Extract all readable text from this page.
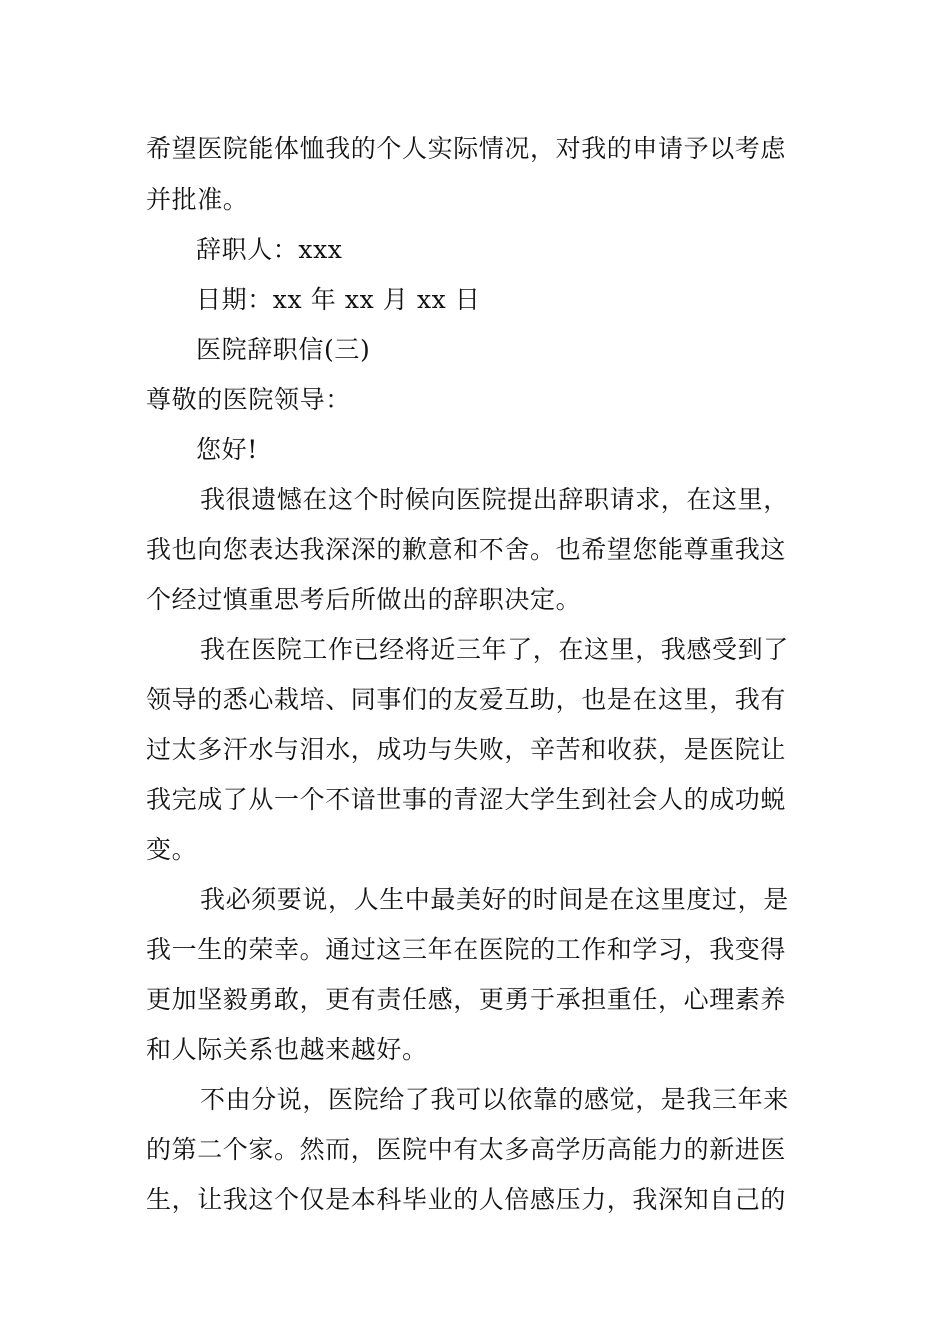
希望医院能体恤我的个人实际情况，对我的申请予以考虑
并批准。
辞职人：xxx
日期：xx 年 xx 月 xx 日
医院辞职信(三)
尊敬的医院领导：
您好!
我很遗憾在这个时候向医院提出辞职请求，在这里，
我也向您表达我深深的歉意和不舍。也希望您能尊重我这
个经过慎重思考后所做出的辞职决定。
我在医院工作已经将近三年了，在这里，我感受到了
领导的悉心栽培、同事们的友爱互助，也是在这里，我有
过太多汗水与泪水，成功与失败，辛苦和收获，是医院让
我完成了从一个不谙世事的青涩大学生到社会人的成功蜕
变。
我必须要说，人生中最美好的时间是在这里度过，是
我一生的荣幸。通过这三年在医院的工作和学习，我变得
更加坚毅勇敢，更有责任感，更勇于承担重任，心理素养
和人际关系也越来越好。
不由分说，医院给了我可以依靠的感觉，是我三年来
的第二个家。然而，医院中有太多高学历高能力的新进医
生，让我这个仅是本科毕业的人倍感压力，我深知自己的
